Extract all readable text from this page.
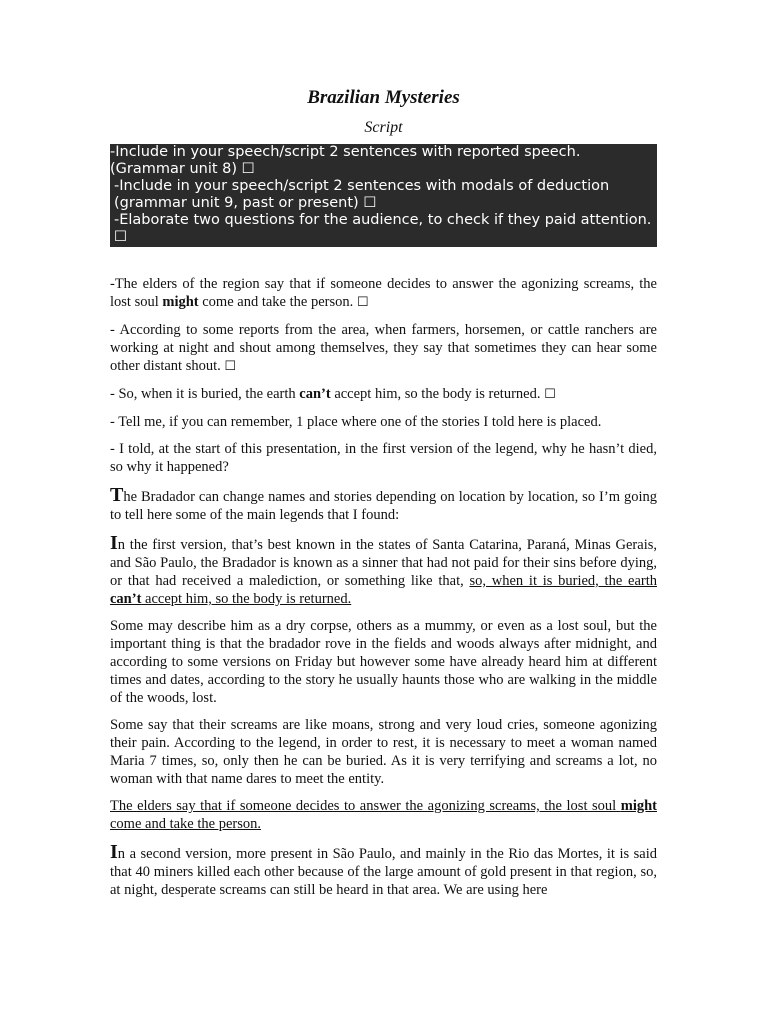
Brazilian Mysteries
Script
-Include in your speech/script 2 sentences with reported speech. (Grammar unit 8) ☐
-Include in your speech/script 2 sentences with modals of deduction (grammar unit 9, past or present) ☐
-Elaborate two questions for the audience, to check if they paid attention. ☐

-The elders of the region say that if someone decides to answer the agonizing screams, the lost soul might come and take the person. ☐

- According to some reports from the area, when farmers, horsemen, or cattle ranchers are working at night and shout among themselves, they say that sometimes they can hear some other distant shout. ☐

- So, when it is buried, the earth can’t accept him, so the body is returned. ☐

- Tell me, if you can remember, 1 place where one of the stories I told here is placed.

- I told, at the start of this presentation, in the first version of the legend, why he hasn’t died, so why it happened?

The Bradador can change names and stories depending on location by location, so I’m going to tell here some of the main legends that I found:

In the first version, that’s best known in the states of Santa Catarina, Paraná, Minas Gerais, and São Paulo, the Bradador is known as a sinner that had not paid for their sins before dying, or that had received a malediction, or something like that, so, when it is buried, the earth can’t accept him, so the body is returned.

Some may describe him as a dry corpse, others as a mummy, or even as a lost soul, but the important thing is that the bradador rove in the fields and woods always after midnight, and according to some versions on Friday but however some have already heard him at different times and dates, according to the story he usually haunts those who are walking in the middle of the woods, lost.

Some say that their screams are like moans, strong and very loud cries, someone agonizing their pain. According to the legend, in order to rest, it is necessary to meet a woman named Maria 7 times, so, only then he can be buried. As it is very terrifying and screams a lot, no woman with that name dares to meet the entity.

The elders say that if someone decides to answer the agonizing screams, the lost soul might come and take the person.

In a second version, more present in São Paulo, and mainly in the Rio das Mortes, it is said that 40 miners killed each other because of the large amount of gold present in that region, so, at night, desperate screams can still be heard in that area. We are using here
